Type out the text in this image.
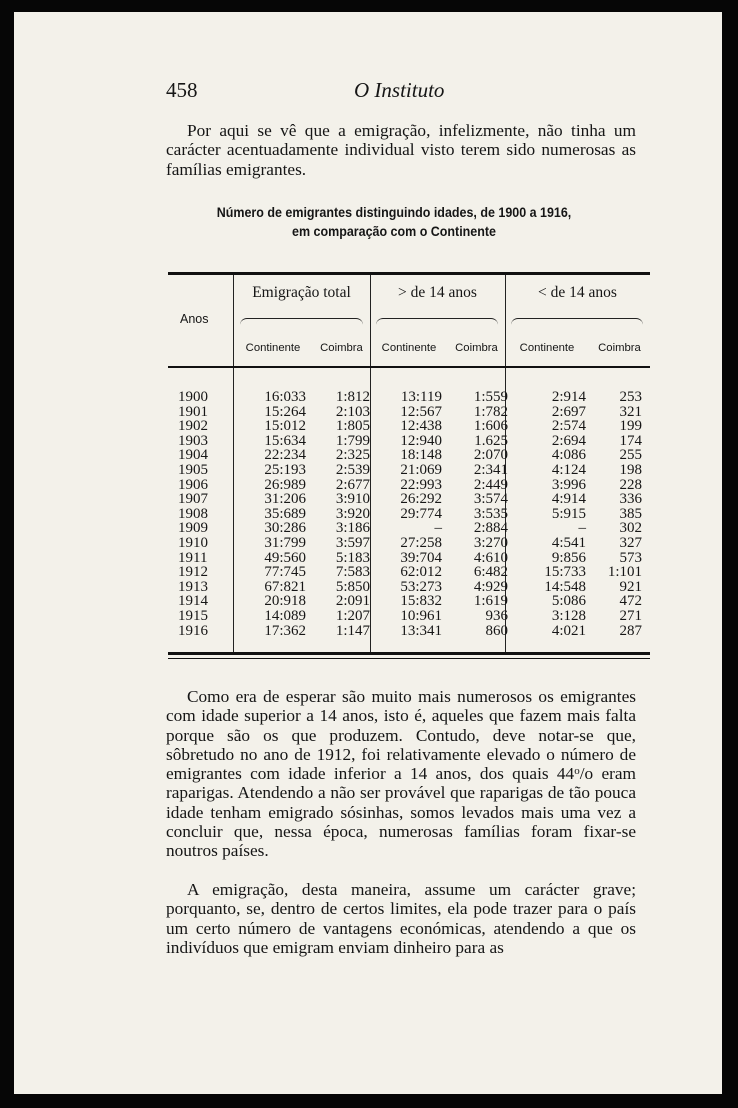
458	O Instituto

Por aqui se vê que a emigração, infelizmente, não tinha um carácter acentuadamente individual visto terem sido numerosas as famílias emigrantes.

Número de emigrantes distinguindo idades, de 1900 a 1916,
em comparação com o Continente
Emigração total	> de 14 anos	< de 14 anos
Anos
Continente	Coimbra	Continente	Coimbra	Continente	Coimbra
1900	16:033	1:812	13:119	1:559	2:914	253
1901	15:264	2:103	12:567	1:782	2:697	321
1902	15:012	1:805	12:438	1:606	2:574	199
1903	15:634	1:799	12:940	1.625	2:694	174
1904	22:234	2:325	18:148	2:070	4:086	255
1905	25:193	2:539	21:069	2:341	4:124	198
1906	26:989	2:677	22:993	2:449	3:996	228
1907	31:206	3:910	26:292	3:574	4:914	336
1908	35:689	3:920	29:774	3:535	5:915	385
1909	30:286	3:186	–	2:884	–	302
1910	31:799	3:597	27:258	3:270	4:541	327
1911	49:560	5:183	39:704	4:610	9:856	573
1912	77:745	7:583	62:012	6:482	15:733	1:101
1913	67:821	5:850	53:273	4:929	14:548	921
1914	20:918	2:091	15:832	1:619	5:086	472
1915	14:089	1:207	10:961	936	3:128	271
1916	17:362	1:147	13:341	860	4:021	287

Como era de esperar são muito mais numerosos os emigrantes com idade superior a 14 anos, isto é, aqueles que fazem mais falta porque são os que produzem. Contudo, deve notar-se que, sôbretudo no ano de 1912, foi relativamente elevado o número de emigrantes com idade inferior a 14 anos, dos quais 44$^o$/o eram raparigas. Atendendo a não ser provável que raparigas de tão pouca idade tenham emigrado sósinhas, somos levados mais uma vez a concluir que, nessa época, numerosas famílias foram fixar-se noutros países.

A emigração, desta maneira, assume um carácter grave; porquanto, se, dentro de certos limites, ela pode trazer para o país um certo número de vantagens económicas, atendendo a que os indivíduos que emigram enviam dinheiro para as
